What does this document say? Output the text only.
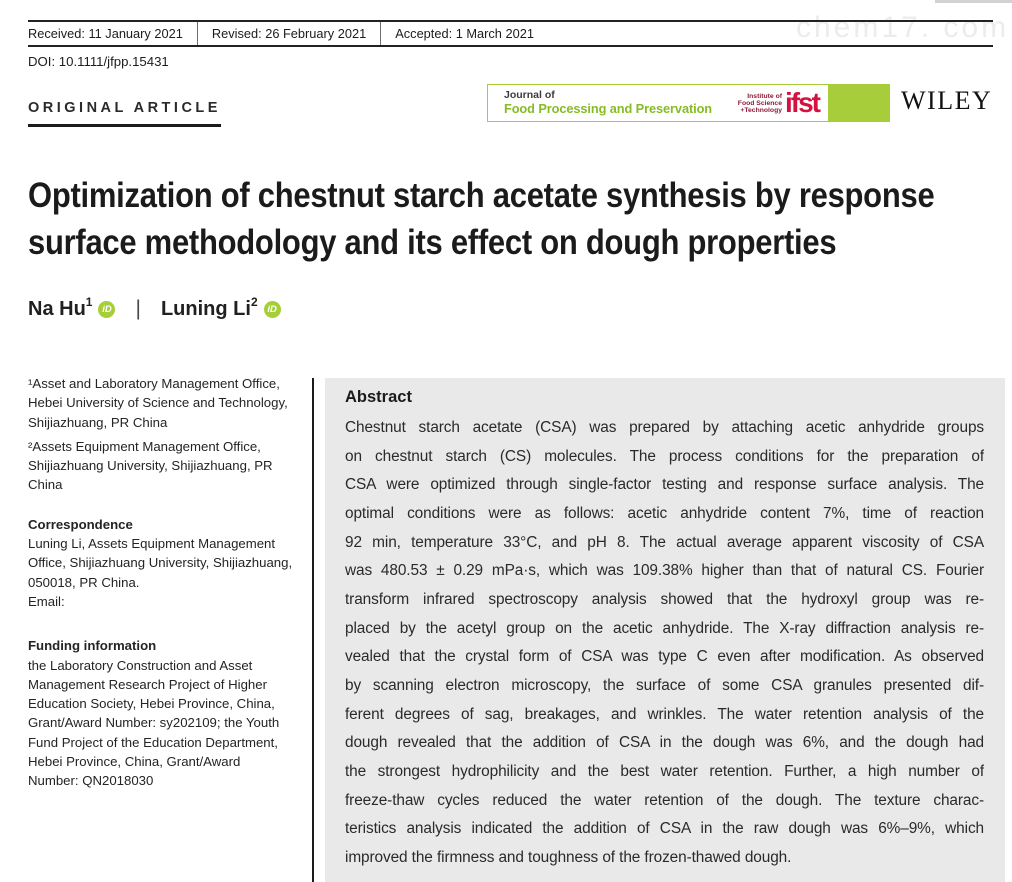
chem17. com
Received: 11 January 2021	Revised: 26 February 2021	Accepted: 1 March 2021
DOI: 10.1111/jfpp.15431
ORIGINAL ARTICLE
Journal of
Food Processing and Preservation
Institute of
Food Science
+Technology ifst	WILEY
Optimization of chestnut starch acetate synthesis by response
surface methodology and its effect on dough properties
Na Hu 1	iD | Luning Li 2	iD
¹Asset and Laboratory Management Office,
Hebei University of Science and Technology,
Shijiazhuang, PR China
²Assets Equipment Management Office,
Shijiazhuang University, Shijiazhuang, PR
China
Correspondence
Luning Li, Assets Equipment Management
Office, Shijiazhuang University, Shijiazhuang,
050018, PR China.
Email:
Funding information
the Laboratory Construction and Asset
Management Research Project of Higher
Education Society, Hebei Province, China,
Grant/Award Number: sy202109; the Youth
Fund Project of the Education Department,
Hebei Province, China, Grant/Award
Number: QN2018030
Abstract
Chestnut starch acetate (CSA) was prepared by attaching acetic anhydride groups
on chestnut starch (CS) molecules. The process conditions for the preparation of
CSA were optimized through single-factor testing and response surface analysis. The
optimal conditions were as follows: acetic anhydride content 7%, time of reaction
92 min, temperature 33°C, and pH 8. The actual average apparent viscosity of CSA
was 480.53 ± 0.29 mPa·s, which was 109.38% higher than that of natural CS. Fourier
transform infrared spectroscopy analysis showed that the hydroxyl group was re-
placed by the acetyl group on the acetic anhydride. The X-ray diffraction analysis re-
vealed that the crystal form of CSA was type C even after modification. As observed
by scanning electron microscopy, the surface of some CSA granules presented dif-
ferent degrees of sag, breakages, and wrinkles. The water retention analysis of the
dough revealed that the addition of CSA in the dough was 6%, and the dough had
the strongest hydrophilicity and the best water retention. Further, a high number of
freeze-thaw cycles reduced the water retention of the dough. The texture charac-
teristics analysis indicated the addition of CSA in the raw dough was 6%–9%, which
improved the firmness and toughness of the frozen-thawed dough.
